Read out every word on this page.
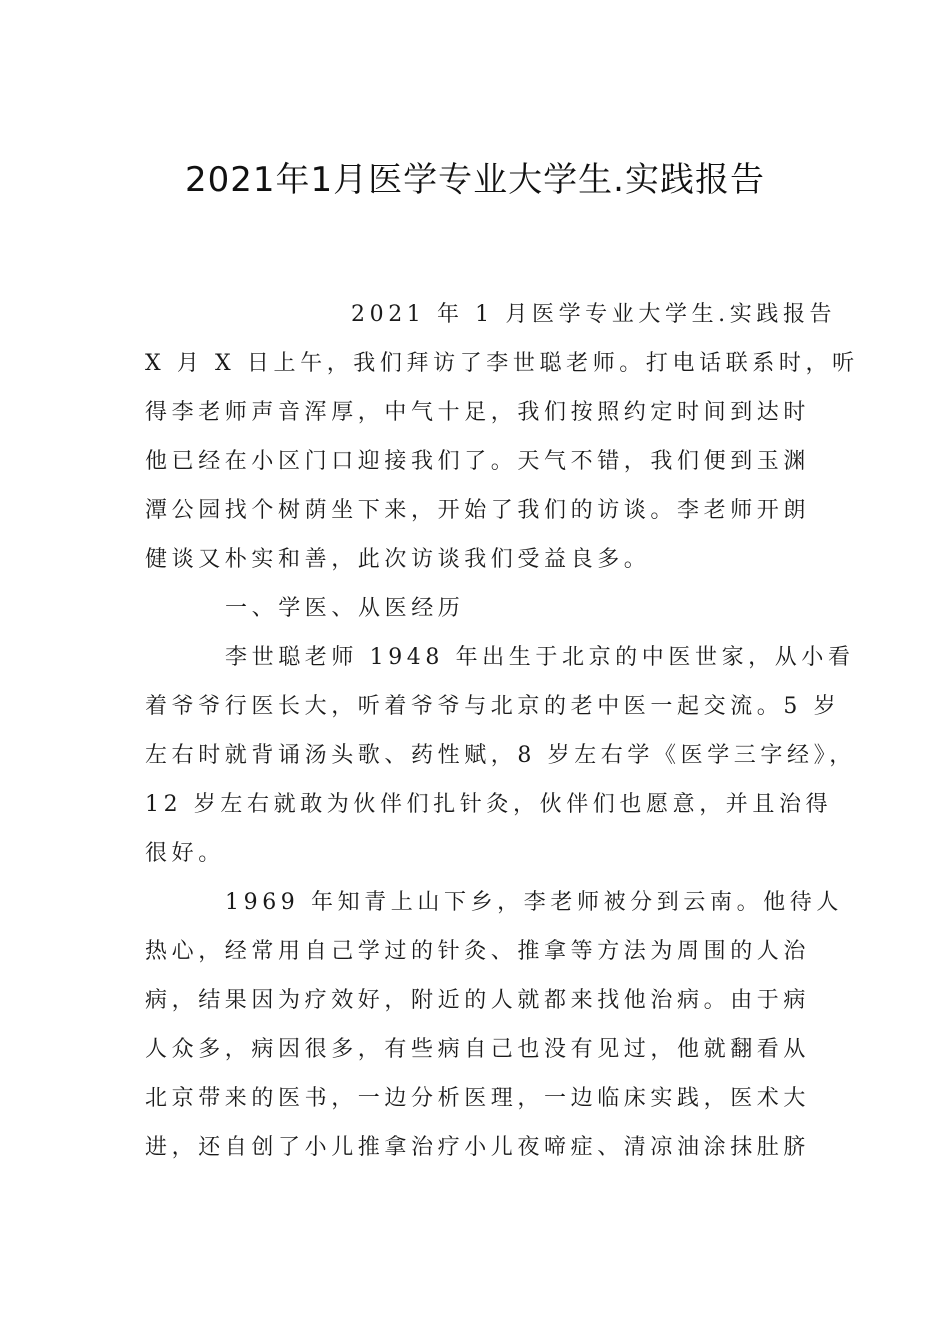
2021年1月医学专业大学生.实践报告
2021 年 1 月医学专业大学生.实践报告
X 月 X 日上午，我们拜访了李世聪老师。打电话联系时，听
得李老师声音浑厚，中气十足，我们按照约定时间到达时
他已经在小区门口迎接我们了。天气不错，我们便到玉渊
潭公园找个树荫坐下来，开始了我们的访谈。李老师开朗
健谈又朴实和善，此次访谈我们受益良多。
一、学医、从医经历
李世聪老师 1948 年出生于北京的中医世家，从小看
着爷爷行医长大，听着爷爷与北京的老中医一起交流。5 岁
左右时就背诵汤头歌、药性赋，8 岁左右学《医学三字经》，
12 岁左右就敢为伙伴们扎针灸，伙伴们也愿意，并且治得
很好。
1969 年知青上山下乡，李老师被分到云南。他待人
热心，经常用自己学过的针灸、推拿等方法为周围的人治
病，结果因为疗效好，附近的人就都来找他治病。由于病
人众多，病因很多，有些病自己也没有见过，他就翻看从
北京带来的医书，一边分析医理，一边临床实践，医术大
进，还自创了小儿推拿治疗小儿夜啼症、清凉油涂抹肚脐
